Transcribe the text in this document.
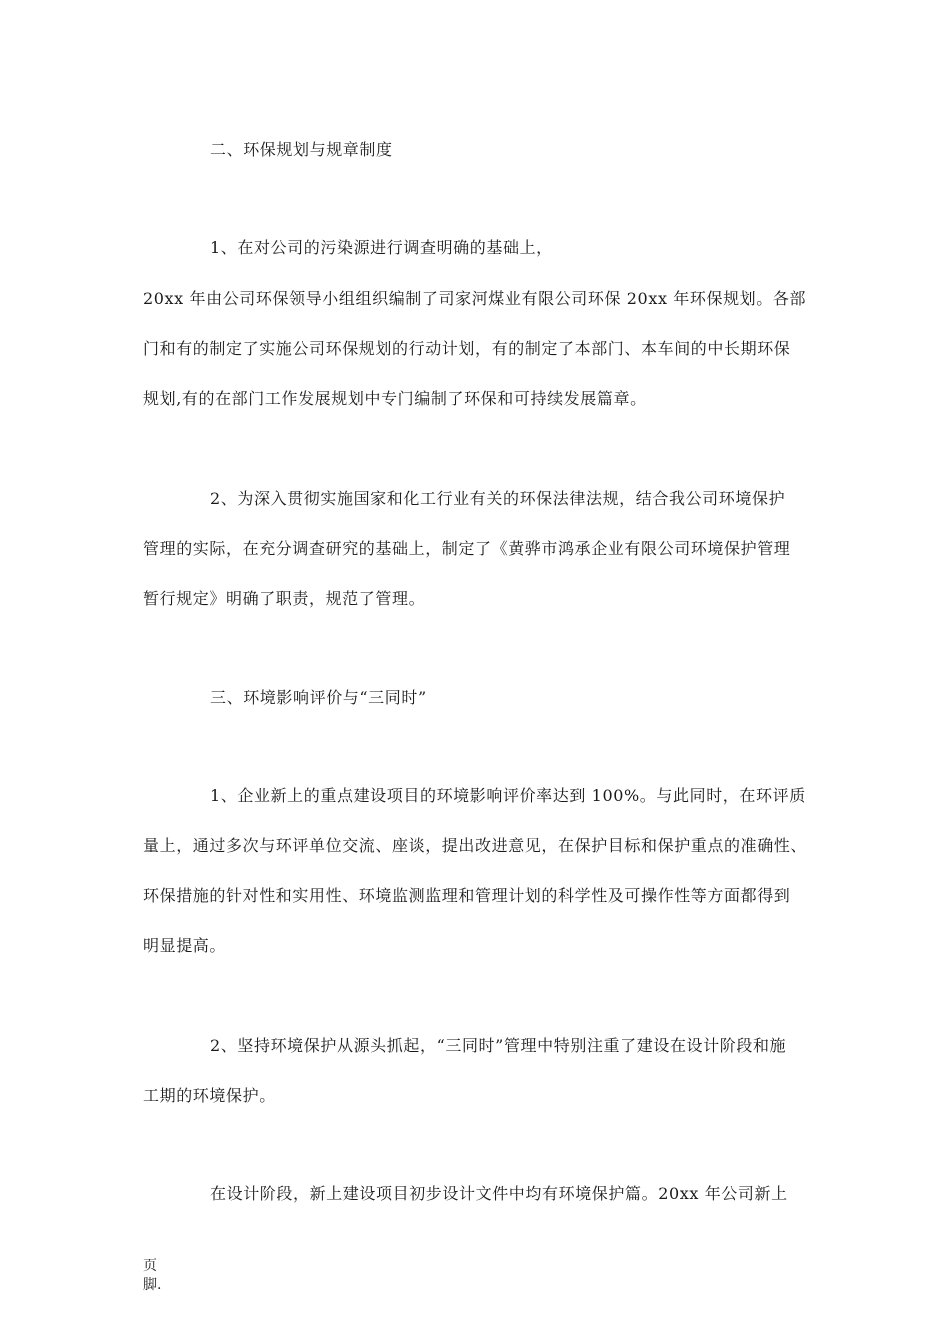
二、环保规划与规章制度
1、在对公司的污染源进行调查明确的基础上，
20xx 年由公司环保领导小组组织编制了司家河煤业有限公司环保 20xx 年环保规划。各部
门和有的制定了实施公司环保规划的行动计划，有的制定了本部门、本车间的中长期环保
规划,有的在部门工作发展规划中专门编制了环保和可持续发展篇章。
2、为深入贯彻实施国家和化工行业有关的环保法律法规，结合我公司环境保护
管理的实际，在充分调查研究的基础上，制定了《黄骅市鸿承企业有限公司环境保护管理
暂行规定》明确了职责，规范了管理。
三、环境影响评价与“三同时”
1、企业新上的重点建设项目的环境影响评价率达到 100%。与此同时，在环评质
量上，通过多次与环评单位交流、座谈，提出改进意见，在保护目标和保护重点的准确性、
环保措施的针对性和实用性、环境监测监理和管理计划的科学性及可操作性等方面都得到
明显提高。
2、坚持环境保护从源头抓起，“三同时”管理中特别注重了建设在设计阶段和施
工期的环境保护。
在设计阶段，新上建设项目初步设计文件中均有环境保护篇。20xx 年公司新上
页
脚.
